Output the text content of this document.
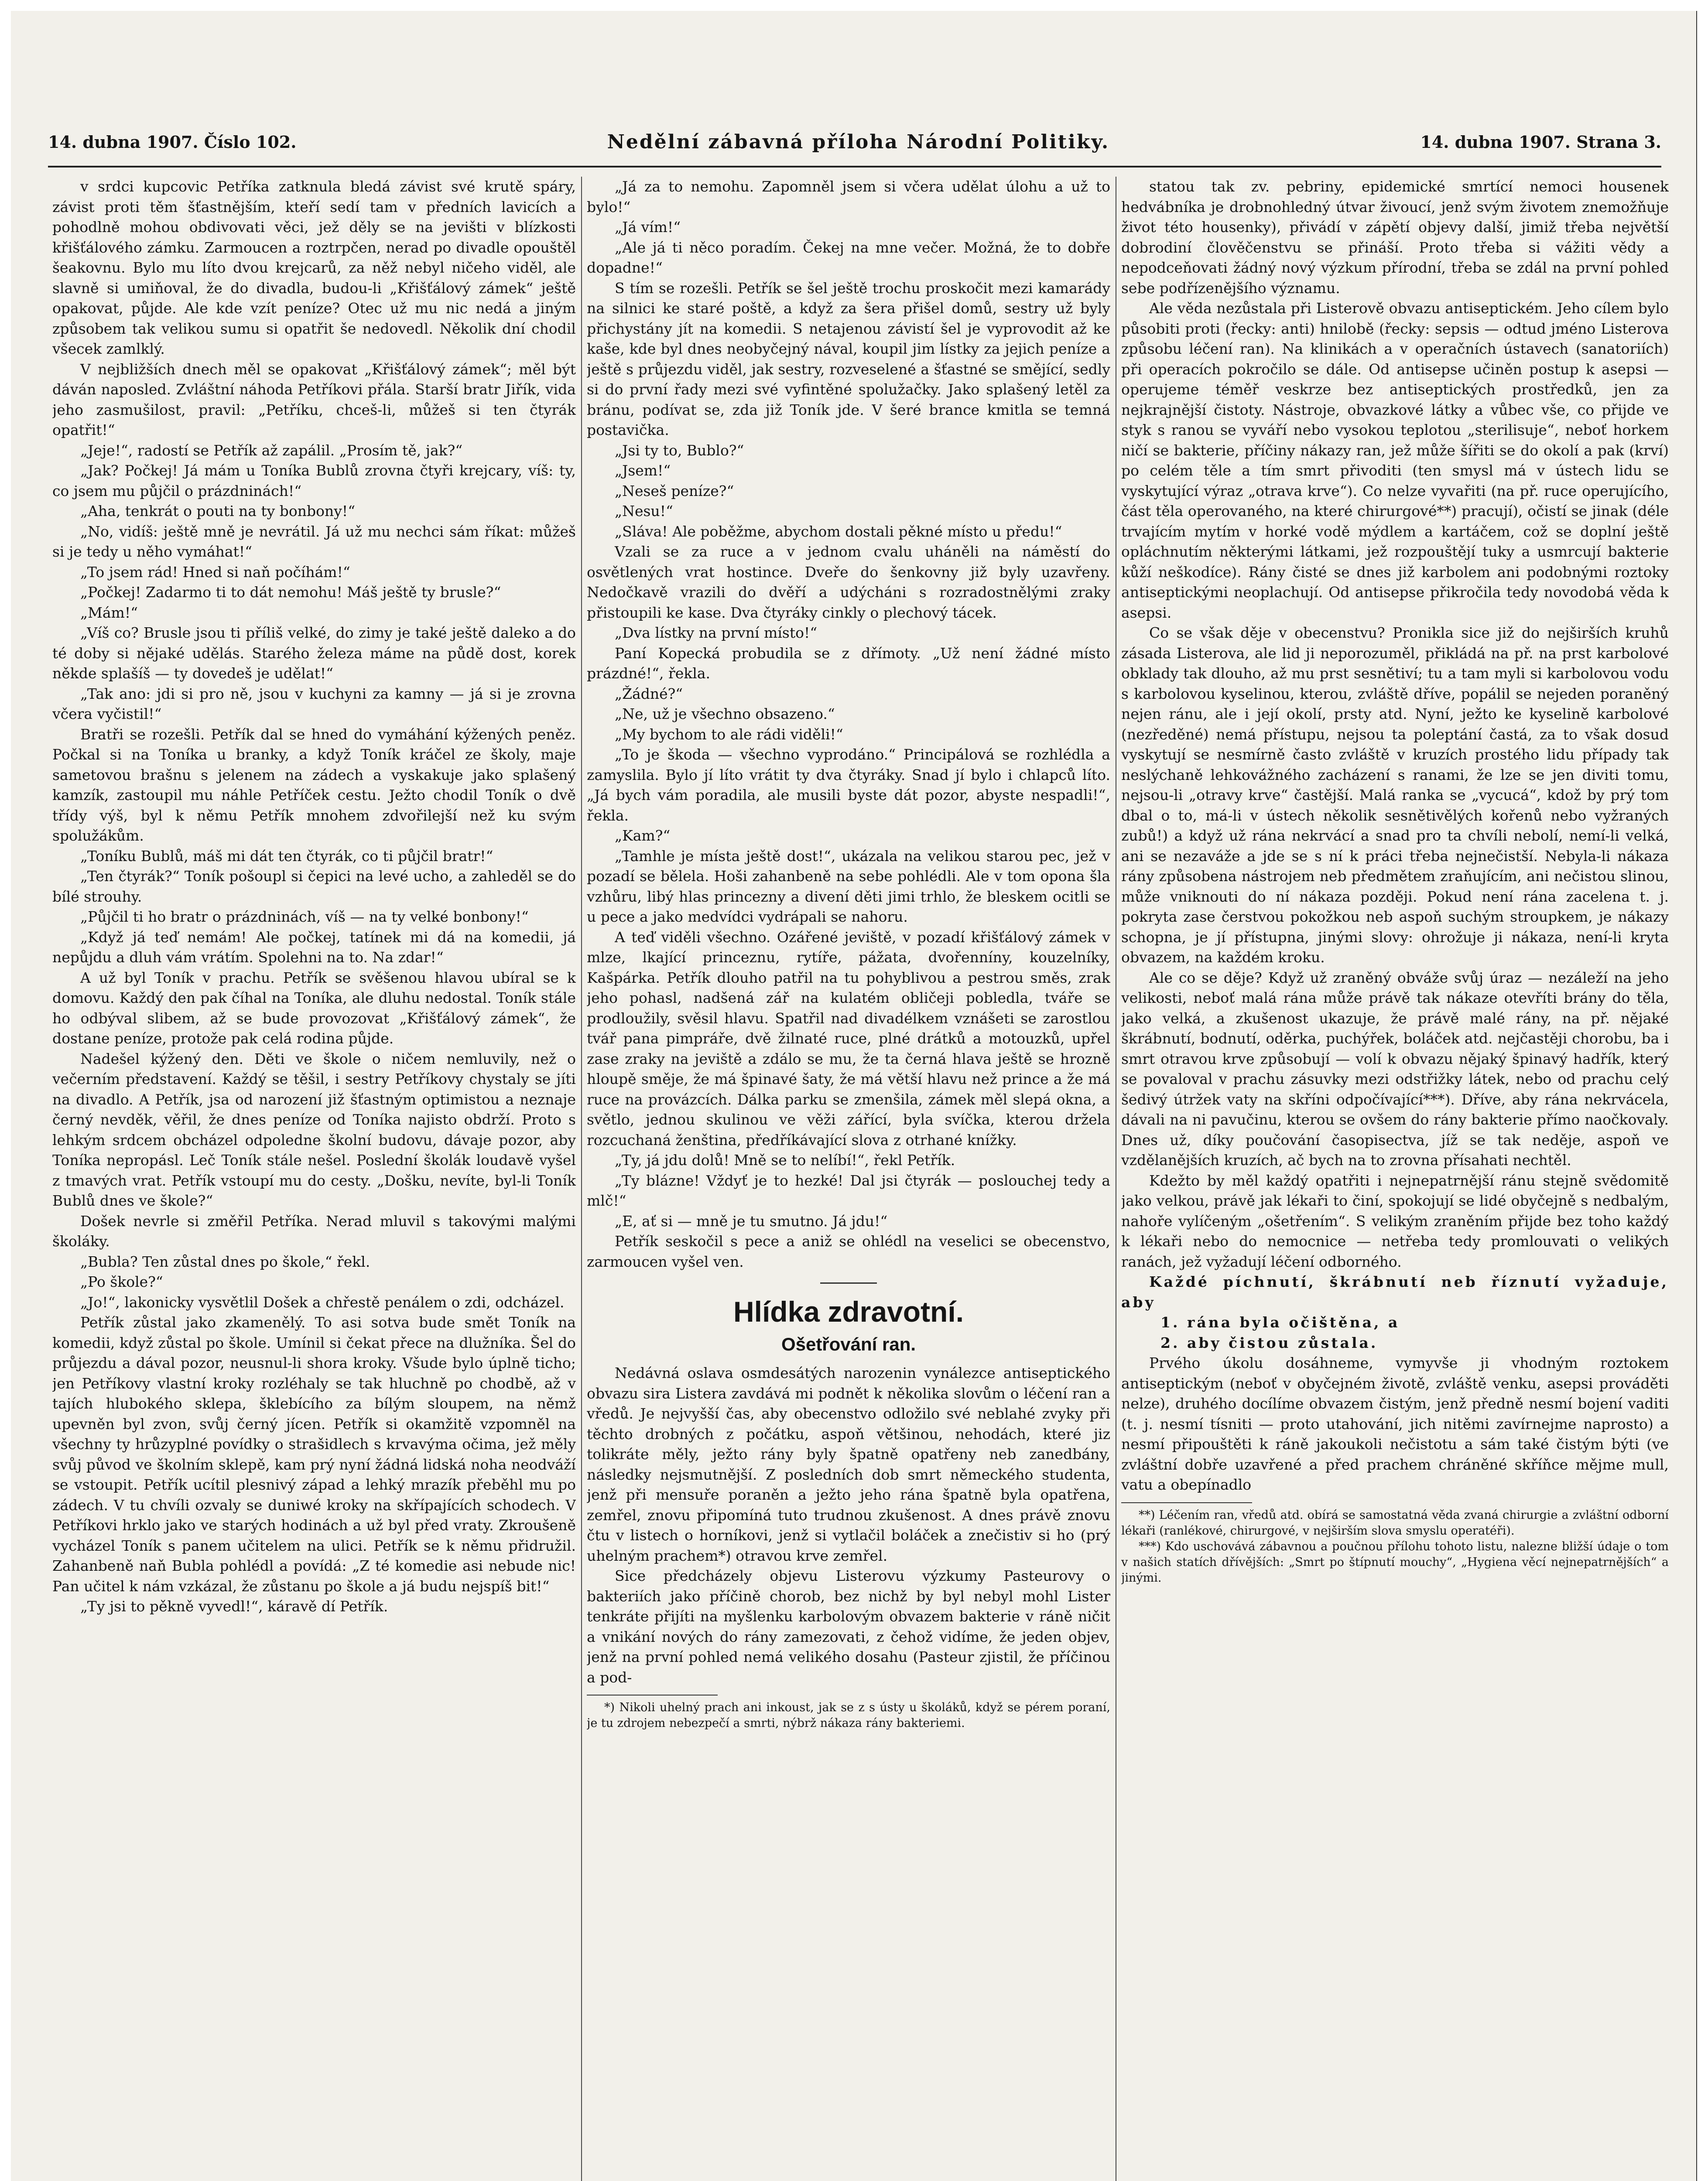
14. dubna 1907. Číslo 102.	Nedělní zábavná příloha Národní Politiky.	14. dubna 1907. Strana 3.

v srdci kupcovic Petříka zatknula bledá závist své krutě spáry, závist proti těm šťastnějším, kteří sedí tam v předních lavicích a pohodlně mohou obdivovati věci, jež děly se na jevišti v blízkosti křišťálového zámku. Zarmoucen a roztrpčen, nerad po divadle opouštěl šeakovnu. Bylo mu líto dvou krejcarů, za něž nebyl ničeho viděl, ale slavně si umiňoval, že do divadla, budou-li „Křišťálový zámek“ ještě opakovat, půjde. Ale kde vzít peníze? Otec už mu nic nedá a jiným způsobem tak velikou sumu si opatřit še nedovedl. Několik dní chodil všecek zamlklý.

V nejbližších dnech měl se opakovat „Křišťálový zámek“; měl být dáván naposled. Zvláštní náhoda Petříkovi přála. Starší bratr Jiřík, vida jeho zasmušilost, pravil: „Petříku, chceš-li, můžeš si ten čtyrák opatřit!“

„Jeje!“, radostí se Petřík až zapálil. „Prosím tě, jak?“

„Jak? Počkej! Já mám u Toníka Bublů zrovna čtyři krejcary, víš: ty, co jsem mu půjčil o prázdninách!“

„Aha, tenkrát o pouti na ty bonbony!“

„No, vidíš: ještě mně je nevrátil. Já už mu nechci sám říkat: můžeš si je tedy u něho vymáhat!“

„To jsem rád! Hned si naň počíhám!“

„Počkej! Zadarmo ti to dát nemohu! Máš ještě ty brusle?“

„Mám!“

„Víš co? Brusle jsou ti příliš velké, do zimy je také ještě daleko a do té doby si nějaké udělás. Starého železa máme na půdě dost, korek někde splašíš — ty dovedeš je udělat!“

„Tak ano: jdi si pro ně, jsou v kuchyni za kamny — já si je zrovna včera vyčistil!“

Bratři se rozešli. Petřík dal se hned do vymáhání kýžených peněz. Počkal si na Toníka u branky, a když Toník kráčel ze školy, maje sametovou brašnu s jelenem na zádech a vyskakuje jako splašený kamzík, zastoupil mu náhle Petříček cestu. Ježto chodil Toník o dvě třídy výš, byl k němu Petřík mnohem zdvořilejší než ku svým spolužákům.

„Toníku Bublů, máš mi dát ten čtyrák, co ti půjčil bratr!“

„Ten čtyrák?“ Toník pošoupl si čepici na levé ucho, a zahleděl se do bílé strouhy.

„Půjčil ti ho bratr o prázdninách, víš — na ty velké bonbony!“

„Když já teď nemám! Ale počkej, tatínek mi dá na komedii, já nepůjdu a dluh vám vrátím. Spolehni na to. Na zdar!“

A už byl Toník v prachu. Petřík se svěšenou hlavou ubíral se k domovu. Každý den pak číhal na Toníka, ale dluhu nedostal. Toník stále ho odbýval slibem, až se bude provozovat „Křišťálový zámek“, že dostane peníze, protože pak celá rodina půjde.

Nadešel kýžený den. Děti ve škole o ničem nemluvily, než o večerním představení. Každý se těšil, i sestry Petříkovy chystaly se jíti na divadlo. A Petřík, jsa od narození již šťastným optimistou a neznaje černý nevděk, věřil, že dnes peníze od Toníka najisto obdrží. Proto s lehkým srdcem obcházel odpoledne školní budovu, dávaje pozor, aby Toníka nepropásl. Leč Toník stále nešel. Poslední školák loudavě vyšel z tmavých vrat. Petřík vstoupí mu do cesty. „Došku, nevíte, byl-li Toník Bublů dnes ve škole?“

Došek nevrle si změřil Petříka. Nerad mluvil s takovými malými školáky.

„Bubla? Ten zůstal dnes po škole,“ řekl.

„Po škole?“

„Jo!“, lakonicky vysvětlil Došek a chřestě penálem o zdi, odcházel.

Petřík zůstal jako zkamenělý. To asi sotva bude smět Toník na komedii, když zůstal po škole. Umínil si čekat přece na dlužníka. Šel do průjezdu a dával pozor, neusnul-li shora kroky. Všude bylo úplně ticho; jen Petříkovy vlastní kroky rozléhaly se tak hluchně po chodbě, až v tajích hlubokého sklepa, šklebícího za bílým sloupem, na němž upevněn byl zvon, svůj černý jícen. Petřík si okamžitě vzpomněl na všechny ty hrůzyplné povídky o strašidlech s krvavýma očima, jež měly svůj původ ve školním sklepě, kam prý nyní žádná lidská noha neodváží se vstoupit. Petřík ucítil plesnivý západ a lehký mrazík přeběhl mu po zádech. V tu chvíli ozvaly se duniwé kroky na skřípajících schodech. V Petříkovi hrklo jako ve starých hodinách a už byl před vraty. Zkroušeně vycházel Toník s panem učitelem na ulici. Petřík se k němu přidružil. Zahanbeně naň Bubla pohlédl a povídá: „Z té komedie asi nebude nic! Pan učitel k nám vzkázal, že zůstanu po škole a já budu nejspíš bit!“

„Ty jsi to pěkně vyvedl!“, káravě dí Petřík.

„Já za to nemohu. Zapomněl jsem si včera udělat úlohu a už to bylo!“

„Já vím!“

„Ale já ti něco poradím. Čekej na mne večer. Možná, že to dobře dopadne!“

S tím se rozešli. Petřík se šel ještě trochu proskočit mezi kamarády na silnici ke staré poště, a když za šera přišel domů, sestry už byly přichystány jít na komedii. S netajenou závistí šel je vyprovodit až ke kaše, kde byl dnes neobyčejný nával, koupil jim lístky za jejich peníze a ještě s průjezdu viděl, jak sestry, rozveselené a šťastné se smějící, sedly si do první řady mezi své vyfintěné spolužačky. Jako splašený letěl za bránu, podívat se, zda již Toník jde. V šeré brance kmitla se temná postavička.

„Jsi ty to, Bublo?“

„Jsem!“

„Neseš peníze?“

„Nesu!“

„Sláva! Ale poběžme, abychom dostali pěkné místo u předu!“

Vzali se za ruce a v jednom cvalu uháněli na náměstí do osvětlených vrat hostince. Dveře do šenkovny již byly uzavřeny. Nedočkavě vrazili do dvěří a udýcháni s rozradostnělými zraky přistoupili ke kase. Dva čtyráky cinkly o plechový tácek.

„Dva lístky na první místo!“

Paní Kopecká probudila se z dřímoty. „Už není žádné místo prázdné!“, řekla.

„Žádné?“

„Ne, už je všechno obsazeno.“

„My bychom to ale rádi viděli!“

„To je škoda — všechno vyprodáno.“ Principálová se rozhlédla a zamyslila. Bylo jí líto vrátit ty dva čtyráky. Snad jí bylo i chlapců líto. „Já bych vám poradila, ale musili byste dát pozor, abyste nespadli!“, řekla.

„Kam?“

„Tamhle je místa ještě dost!“, ukázala na velikou starou pec, jež v pozadí se bělela. Hoši zahanbeně na sebe pohlédli. Ale v tom opona šla vzhůru, libý hlas princezny a divení děti jimi trhlo, že bleskem ocitli se u pece a jako medvídci vydrápali se nahoru.

A teď viděli všechno. Ozářené jeviště, v pozadí křišťálový zámek v mlze, lkající princeznu, rytíře, pážata, dvořenníny, kouzelníky, Kašpárka. Petřík dlouho patřil na tu pohyblivou a pestrou směs, zrak jeho pohasl, nadšená zář na kulatém obličeji pobledla, tváře se prodloužily, svěsil hlavu. Spatřil nad divadélkem vznášeti se zarostlou tvář pana pimpráře, dvě žilnaté ruce, plné drátků a motouzků, upřel zase zraky na jeviště a zdálo se mu, že ta černá hlava ještě se hrozně hloupě směje, že má špinavé šaty, že má větší hlavu než prince a že má ruce na provázcích. Dálka parku se zmenšila, zámek měl slepá okna, a světlo, jednou skulinou ve věži zářící, byla svíčka, kterou držela rozcuchaná ženština, předříkávající slova z otrhané knížky.

„Ty, já jdu dolů! Mně se to nelíbí!“, řekl Petřík.

„Ty blázne! Vždyť je to hezké! Dal jsi čtyrák — poslouchej tedy a mlč!“

„E, ať si — mně je tu smutno. Já jdu!“

Petřík seskočil s pece a aniž se ohlédl na veselici se obecenstvo, zarmoucen vyšel ven.

Hlídka zdravotní.
Ošetřování ran.

Nedávná oslava osmdesátých narozenin vynálezce antiseptického obvazu sira Listera zavdává mi podnět k několika slovům o léčení ran a vředů. Je nejvyšší čas, aby obecenstvo odložilo své neblahé zvyky při těchto drobných z počátku, aspoň většinou, nehodách, které jiz tolikráte měly, ježto rány byly špatně opatřeny neb zanedbány, následky nejsmutnější. Z posledních dob smrt německého studenta, jenž při mensuře poraněn a ježto jeho rána špatně byla opatřena, zemřel, znovu připomíná tuto trudnou zkušenost. A dnes právě znovu čtu v listech o horníkovi, jenž si vytlačil boláček a znečistiv si ho (prý uhelným prachem*) otravou krve zemřel.

Sice předcházely objevu Listerovu výzkumy Pasteurovy o bakteriích jako příčině chorob, bez nichž by byl nebyl mohl Lister tenkráte přijíti na myšlenku karbolovým obvazem bakterie v ráně ničit a vnikání nových do rány zamezovati, z čehož vidíme, že jeden objev, jenž na první pohled nemá velikého dosahu (Pasteur zjistil, že příčinou a pod-

*) Nikoli uhelný prach ani inkoust, jak se z s ústy u školáků, když se pérem poraní, je tu zdrojem nebezpečí a smrti, nýbrž nákaza rány bakteriemi.

statou tak zv. pebriny, epidemické smrtící nemoci housenek hedvábníka je drobnohledný útvar živoucí, jenž svým životem znemožňuje život této housenky), přivádí v zápětí objevy další, jimiž třeba největší dobrodiní člověčenstvu se přináší. Proto třeba si vážiti vědy a nepodceňovati žádný nový výzkum přírodní, třeba se zdál na první pohled sebe podřízenějšího významu.

Ale věda nezůstala při Listerově obvazu antiseptickém. Jeho cílem bylo působiti proti (řecky: anti) hnilobě (řecky: sepsis — odtud jméno Listerova způsobu léčení ran). Na klinikách a v operačních ústavech (sanatoriích) při operacích pokročilo se dále. Od antisepse učiněn postup k asepsi — operujeme téměř veskrze bez antiseptických prostředků, jen za nejkrajnější čistoty. Nástroje, obvazkové látky a vůbec vše, co přijde ve styk s ranou se vyváří nebo vysokou teplotou „sterilisuje“, neboť horkem ničí se bakterie, příčiny nákazy ran, jež může šířiti se do okolí a pak (krví) po celém těle a tím smrt přivoditi (ten smysl má v ústech lidu se vyskytující výraz „otrava krve“). Co nelze vyvařiti (na př. ruce operujícího, část těla operovaného, na které chirurgové**) pracují), očistí se jinak (déle trvajícím mytím v horké vodě mýdlem a kartáčem, což se doplní ještě opláchnutím některými látkami, jež rozpouštějí tuky a usmrcují bakterie kůží neškodíce). Rány čisté se dnes již karbolem ani podobnými roztoky antiseptickými neoplachují. Od antisepse přikročila tedy novodobá věda k asepsi.

Co se však děje v obecenstvu? Pronikla sice již do nejširších kruhů zásada Listerova, ale lid ji neporozuměl, přikládá na př. na prst karbolové obklady tak dlouho, až mu prst sesnětiví; tu a tam myli si karbolovou vodu s karbolovou kyselinou, kterou, zvláště dříve, popálil se nejeden poraněný nejen ránu, ale i její okolí, prsty atd. Nyní, ježto ke kyselině karbolové (nezředěné) nemá přístupu, nejsou ta poleptání častá, za to však dosud vyskytují se nesmírně často zvláště v kruzích prostého lidu případy tak neslýchaně lehkovážného zacházení s ranami, že lze se jen diviti tomu, nejsou-li „otravy krve“ častější. Malá ranka se „vycucá“, kdož by prý tom dbal o to, má-li v ústech několik sesnětivělých kořenů nebo vyžraných zubů!) a když už rána nekrvácí a snad pro ta chvíli nebolí, nemí-li velká, ani se nezaváže a jde se s ní k práci třeba nejnečistší. Nebyla-li nákaza rány způsobena nástrojem neb předmětem zraňujícím, ani nečistou slinou, může vniknouti do ní nákaza později. Pokud není rána zacelena t. j. pokryta zase čerstvou pokožkou neb aspoň suchým stroupkem, je nákazy schopna, je jí přístupna, jinými slovy: ohrožuje ji nákaza, není-li kryta obvazem, na každém kroku.

Ale co se děje? Když už zraněný obváže svůj úraz — nezáleží na jeho velikosti, neboť malá rána může právě tak nákaze otevříti brány do těla, jako velká, a zkušenost ukazuje, že právě malé rány, na př. nějaké škrábnutí, bodnutí, oděrka, puchýřek, boláček atd. nejčastěji chorobu, ba i smrt otravou krve způsobují — volí k obvazu nějaký špinavý hadřík, který se povaloval v prachu zásuvky mezi odstřižky látek, nebo od prachu celý šedivý útržek vaty na skříni odpočívající***). Dříve, aby rána nekrvácela, dávali na ni pavučinu, kterou se ovšem do rány bakterie přímo naočkovaly. Dnes už, díky poučování časopisectva, jíž se tak neděje, aspoň ve vzdělanějších kruzích, ač bych na to zrovna přísahati nechtěl.

Kdežto by měl každý opatřiti i nejnepatrnější ránu stejně svědomitě jako velkou, právě jak lékaři to činí, spokojují se lidé obyčejně s nedbalým, nahoře vylíčeným „ošetřením“. S velikým zraněním přijde bez toho každý k lékaři nebo do nemocnice — netřeba tedy promlouvati o velikých ranách, jež vyžadují léčení odborného.

Každé píchnutí, škrábnutí neb říznutí vyžaduje, aby

1. rána byla očištěna, a

2. aby čistou zůstala.

Prvého úkolu dosáhneme, vymyvše ji vhodným roztokem antiseptickým (neboť v obyčejném životě, zvláště venku, asepsi prováděti nelze), druhého docílíme obvazem čistým, jenž předně nesmí bojení vaditi (t. j. nesmí tísniti — proto utahování, jich nitěmi zavírnejme naprosto) a nesmí připouštěti k ráně jakoukoli nečistotu a sám také čistým býti (ve zvláštní dobře uzavřené a před prachem chráněné skříňce mějme mull, vatu a obepínadlo

**) Léčením ran, vředů atd. obírá se samostatná věda zvaná chirurgie a zvláštní odborní lékaři (ranlékové, chirurgové, v nejširším slova smyslu operatéři).
***) Kdo uschovává zábavnou a poučnou přílohu tohoto listu, nalezne bližší údaje o tom v našich statích dřívějších: „Smrt po štípnutí mouchy“, „Hygiena věcí nejnepatrnějších“ a jinými.
